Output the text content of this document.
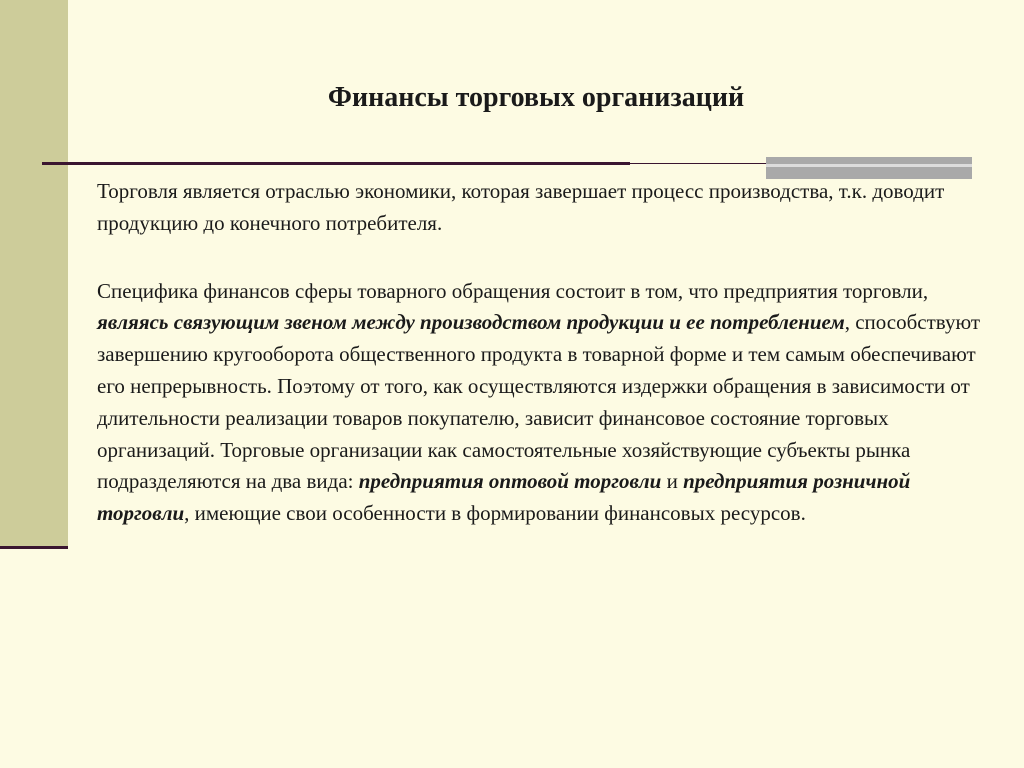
Финансы торговых организаций

Торговля является отраслью экономики, которая завершает процесс производства, т.к. доводит продукцию до конечного потребителя.

Специфика финансов сферы товарного обращения состоит в том, что предприятия торговли, являясь связующим звеном между производством продукции и ее потреблением, способствуют завершению кругооборота общественного продукта в товарной форме и тем самым обеспечивают его непрерывность. Поэтому от того, как осуществляются издержки обращения в зависимости от длительности реализации товаров покупателю, зависит финансовое состояние торговых организаций. Торговые организации как самостоятельные хозяйствующие субъекты рынка подразделяются на два вида: предприятия оптовой торговли и предприятия розничной торговли, имеющие свои особенности в формировании финансовых ресурсов.
